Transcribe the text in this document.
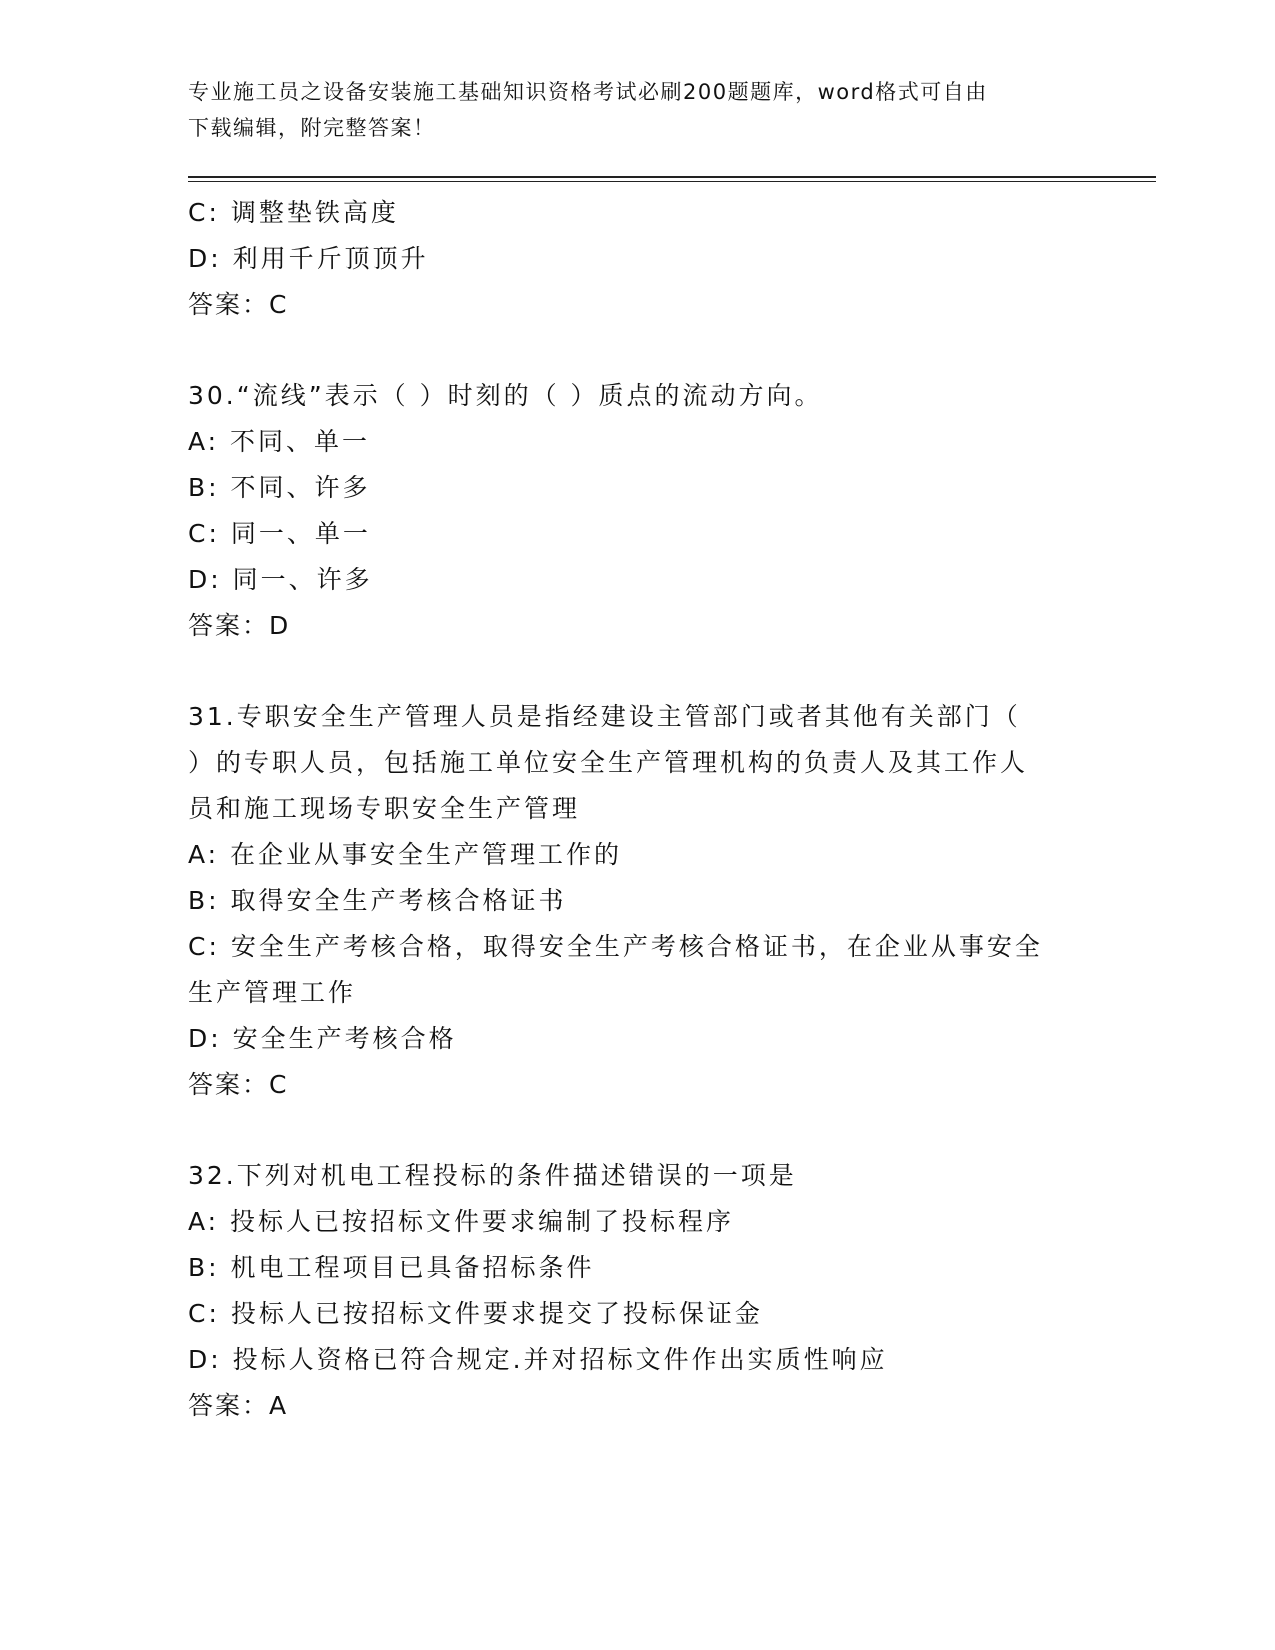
专业施工员之设备安装施工基础知识资格考试必刷200题题库，word格式可自由
下载编辑，附完整答案！
C: 调整垫铁高度
D: 利用千斤顶顶升
答案：C
30.“流线”表示（ ）时刻的（ ）质点的流动方向。
A: 不同、单一
B: 不同、许多
C: 同一、单一
D: 同一、许多
答案：D
31.专职安全生产管理人员是指经建设主管部门或者其他有关部门（
）的专职人员，包括施工单位安全生产管理机构的负责人及其工作人
员和施工现场专职安全生产管理
A: 在企业从事安全生产管理工作的
B: 取得安全生产考核合格证书
C: 安全生产考核合格，取得安全生产考核合格证书，在企业从事安全
生产管理工作
D: 安全生产考核合格
答案：C
32.下列对机电工程投标的条件描述错误的一项是
A: 投标人已按招标文件要求编制了投标程序
B: 机电工程项目已具备招标条件
C: 投标人已按招标文件要求提交了投标保证金
D: 投标人资格已符合规定.并对招标文件作出实质性响应
答案：A
